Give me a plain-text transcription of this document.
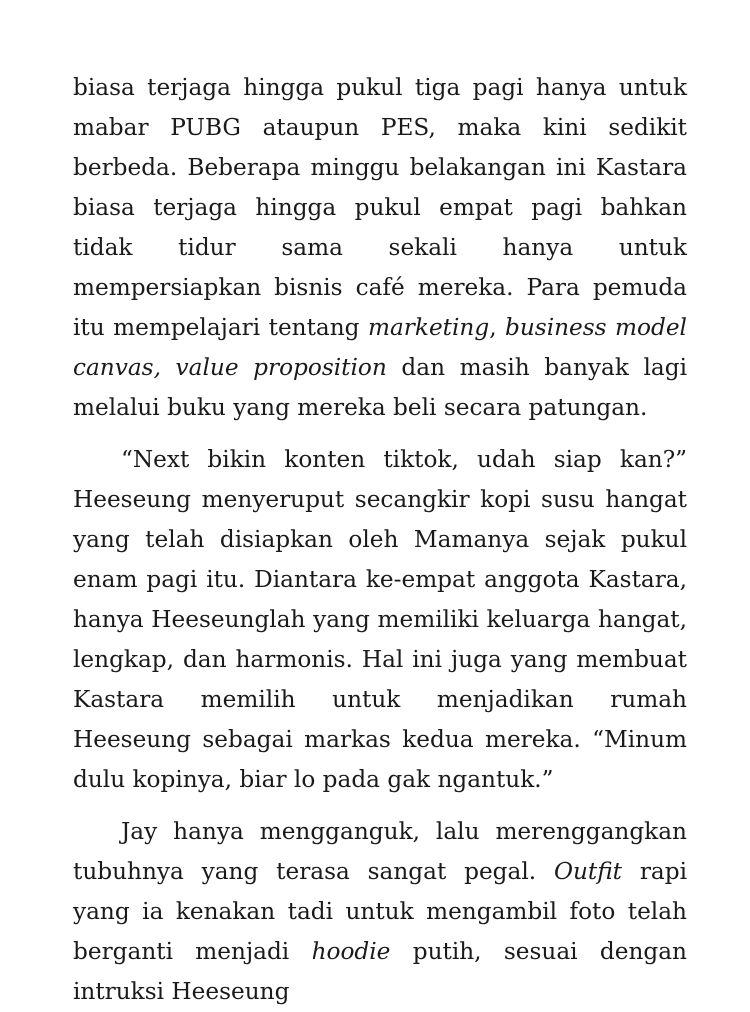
biasa terjaga hingga pukul tiga pagi hanya untuk mabar PUBG ataupun PES, maka kini sedikit berbeda. Beberapa minggu belakangan ini Kastara biasa terjaga hingga pukul empat pagi bahkan tidak tidur sama sekali hanya untuk mempersiapkan bisnis café mereka. Para pemuda itu mempelajari tentang marketing, business model canvas, value proposition dan masih banyak lagi melalui buku yang mereka beli secara patungan.

“Next bikin konten tiktok, udah siap kan?” Heeseung menyeruput secangkir kopi susu hangat yang telah disiapkan oleh Mamanya sejak pukul enam pagi itu. Diantara ke-empat anggota Kastara, hanya Heeseunglah yang memiliki keluarga hangat, lengkap, dan harmonis. Hal ini juga yang membuat Kastara memilih untuk menjadikan rumah Heeseung sebagai markas kedua mereka. “Minum dulu kopinya, biar lo pada gak ngantuk.”

Jay hanya mengganguk, lalu merenggangkan tubuhnya yang terasa sangat pegal. Outfit rapi yang ia kenakan tadi untuk mengambil foto telah berganti menjadi hoodie putih, sesuai dengan intruksi Heeseung
